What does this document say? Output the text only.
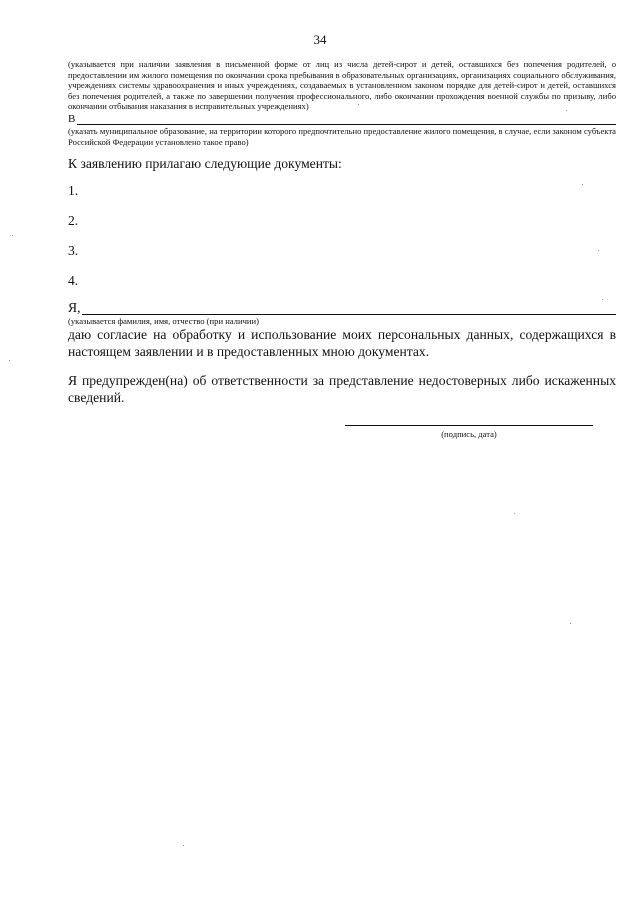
34
(указывается при наличии заявления в письменной форме от лиц из числа детей-сирот и детей, оставшихся без попечения родителей, о предоставлении им жилого помещения по окончании срока пребывания в образовательных организациях, организациях социального обслуживания, учреждениях системы здравоохранения и иных учреждениях, создаваемых в установленном законом порядке для детей-сирот и детей, оставшихся без попечения родителей, а также по завершении получения профессионального, либо окончании прохождения военной службы по призыву, либо окончании отбывания наказания в исправительных учреждениях)
В
(указать муниципальное образование, на территории которого предпочтительно предоставление жилого помещения, в случае, если законом субъекта Российской Федерации установлено такое право)
К заявлению прилагаю следующие документы:
1.
2.
3.
4.
Я,
(указывается фамилия, имя, отчество (при наличии)
даю согласие на обработку и использование моих персональных данных, содержащихся в настоящем заявлении и в предоставленных мною документах.
Я предупрежден(на) об ответственности за представление недостоверных либо искаженных сведений.
(подпись, дата)
